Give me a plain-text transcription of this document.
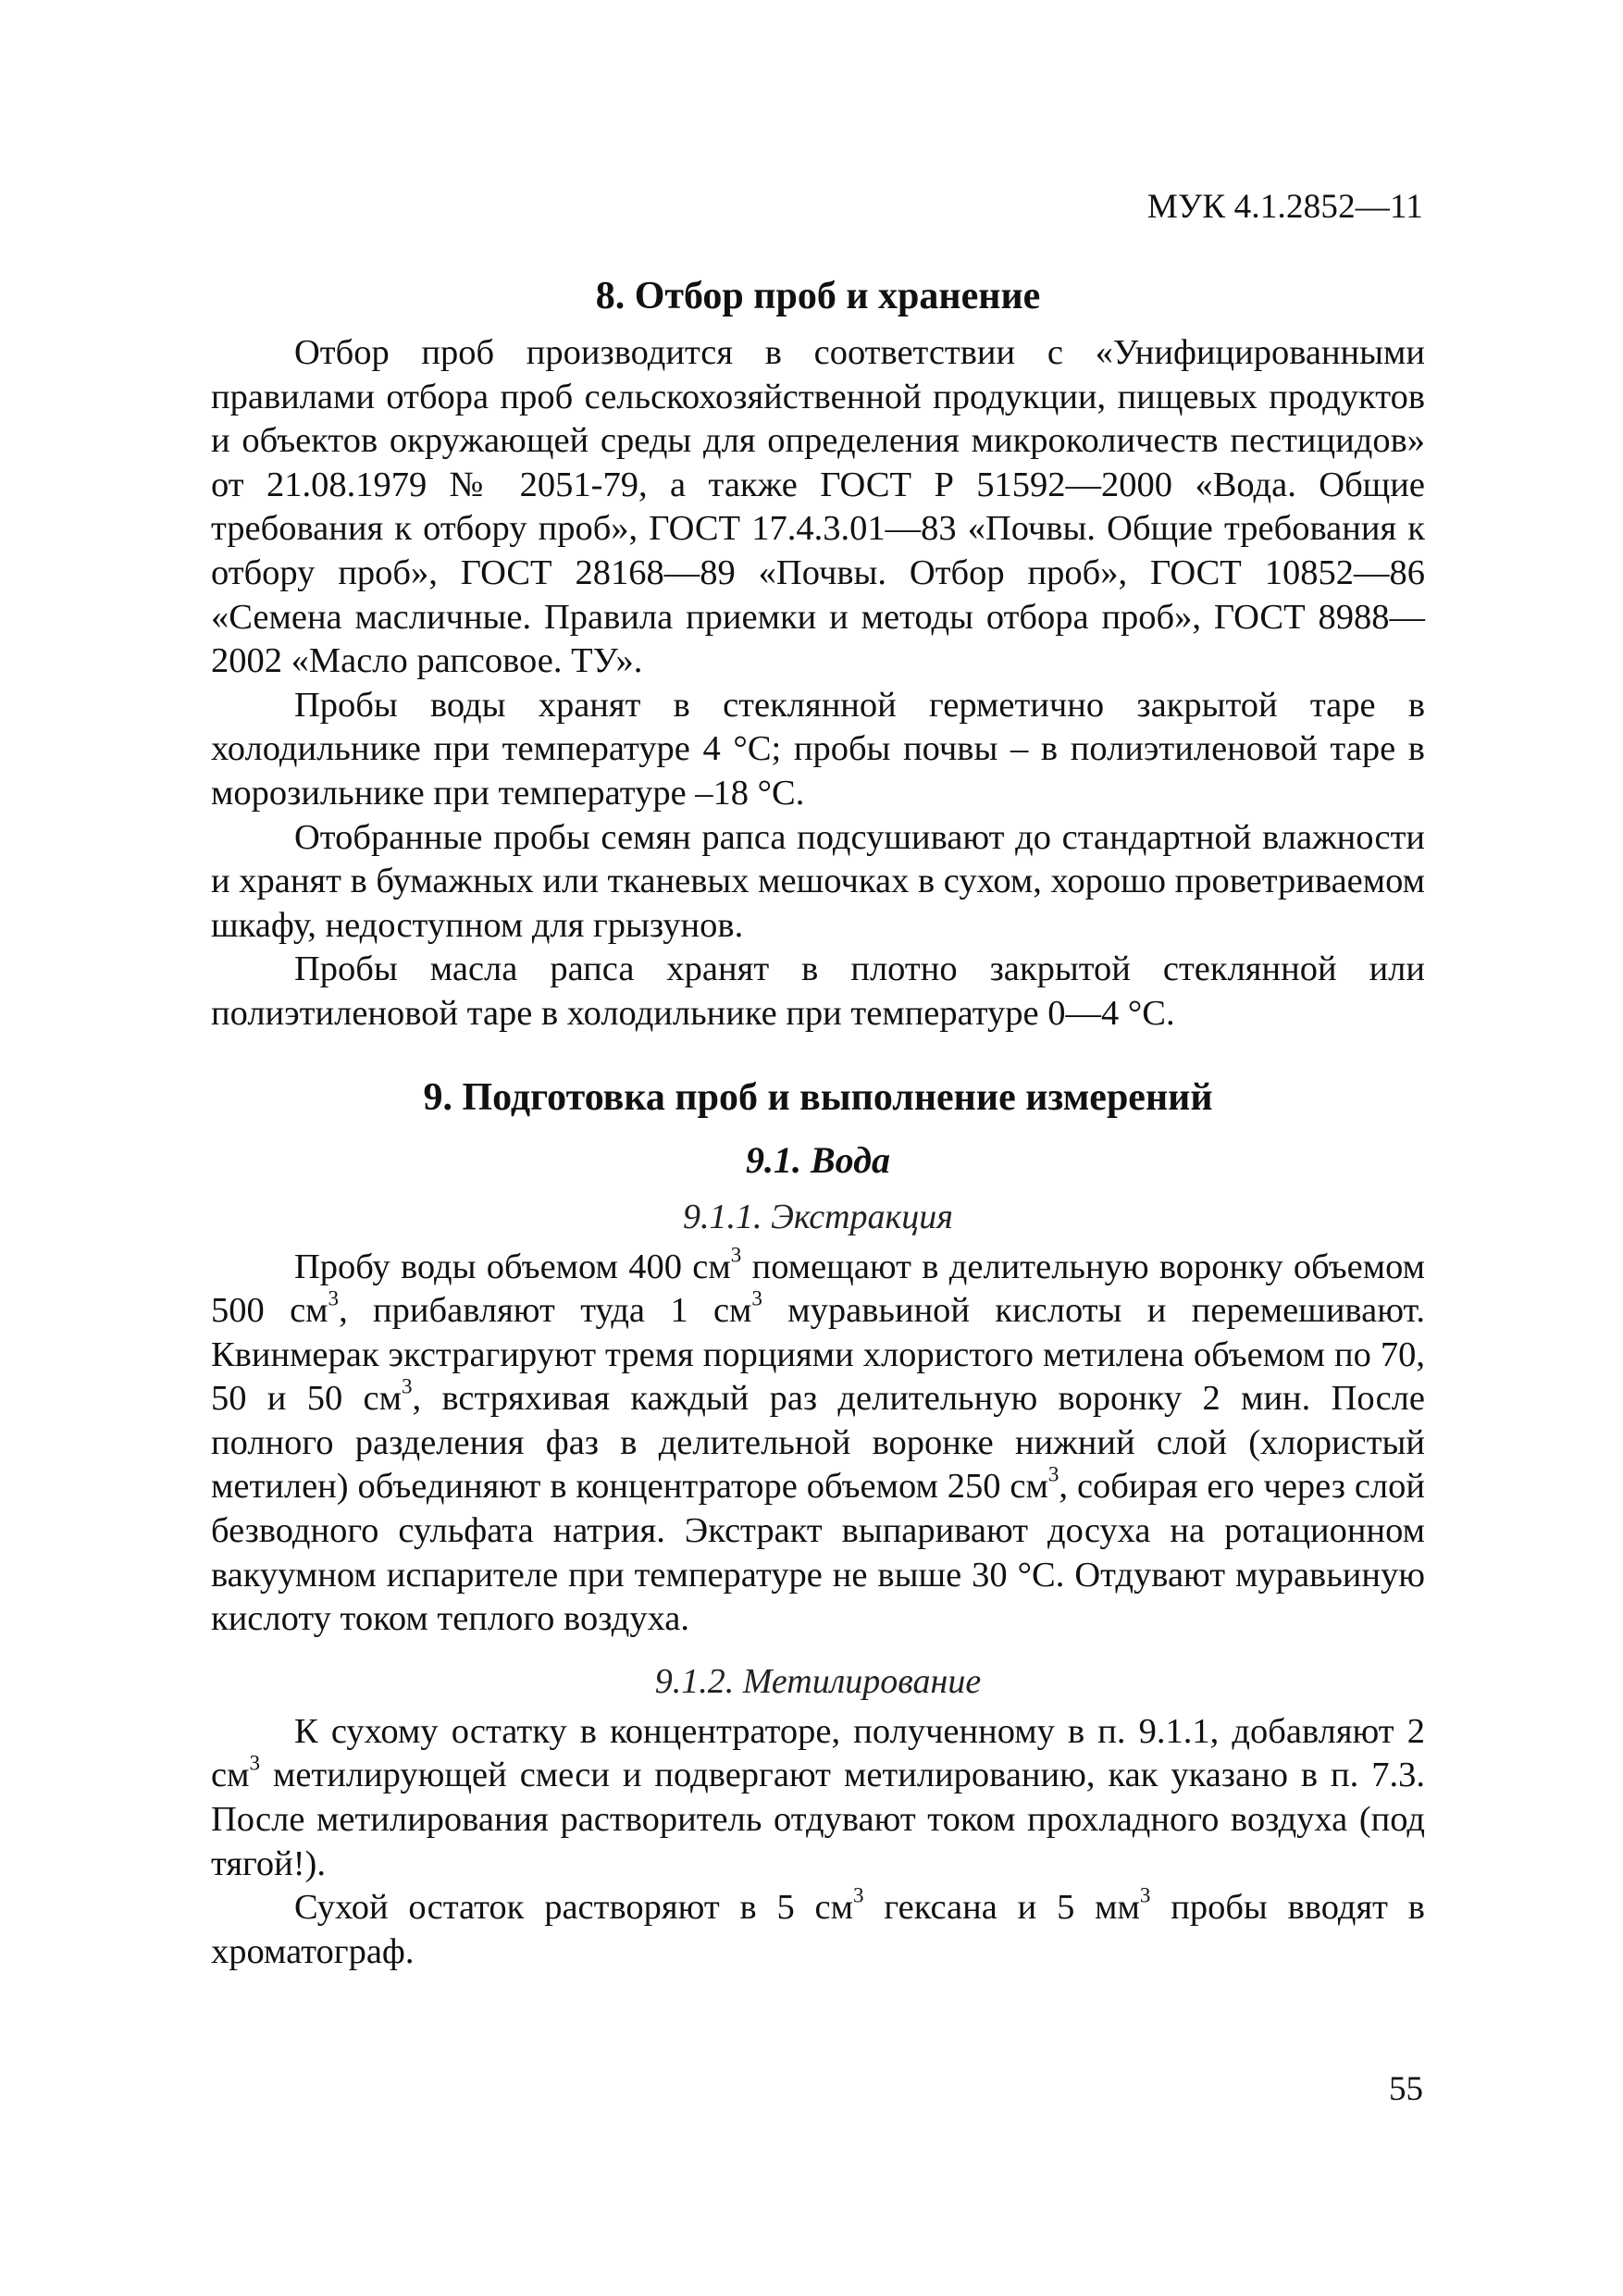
МУК 4.1.2852—11
8. Отбор проб и хранение

Отбор проб производится в соответствии с «Унифицированными правилами отбора проб сельскохозяйственной продукции, пищевых продуктов и объектов окружающей среды для определения микроколичеств пестицидов» от 21.08.1979 № 2051-79, а также ГОСТ Р 51592—2000 «Вода. Общие требования к отбору проб», ГОСТ 17.4.3.01—83 «Почвы. Общие требования к отбору проб», ГОСТ 28168—89 «Почвы. Отбор проб», ГОСТ 10852—86 «Семена масличные. Правила приемки и методы отбора проб», ГОСТ 8988—2002 «Масло рапсовое. ТУ».

Пробы воды хранят в стеклянной герметично закрытой таре в холодильнике при температуре 4 °С; пробы почвы – в полиэтиленовой таре в морозильнике при температуре –18 °С.

Отобранные пробы семян рапса подсушивают до стандартной влажности и хранят в бумажных или тканевых мешочках в сухом, хорошо проветриваемом шкафу, недоступном для грызунов.

Пробы масла рапса хранят в плотно закрытой стеклянной или полиэтиленовой таре в холодильнике при температуре 0—4 °С.

9. Подготовка проб и выполнение измерений
9.1. Вода
9.1.1. Экстракция

Пробу воды объемом 400 $см^3$ помещают в делительную воронку объемом 500 $см^3$, прибавляют туда 1 $см^3$ муравьиной кислоты и перемешивают. Квинмерак экстрагируют тремя порциями хлористого метилена объемом по 70, 50 и 50 $см^3$, встряхивая каждый раз делительную воронку 2 мин. После полного разделения фаз в делительной воронке нижний слой (хлористый метилен) объединяют в концентраторе объемом 250 $см^3$, собирая его через слой безводного сульфата натрия. Экстракт выпаривают досуха на ротационном вакуумном испарителе при температуре не выше 30 °С. Отдувают муравьиную кислоту током теплого воздуха.

9.1.2. Метилирование

К сухому остатку в концентраторе, полученному в п. 9.1.1, добавляют 2 $см^3$ метилирующей смеси и подвергают метилированию, как указано в п. 7.3. После метилирования растворитель отдувают током прохладного воздуха (под тягой!).

Сухой остаток растворяют в 5 $см^3$ гексана и 5 $мм^3$ пробы вводят в хроматограф.

55
